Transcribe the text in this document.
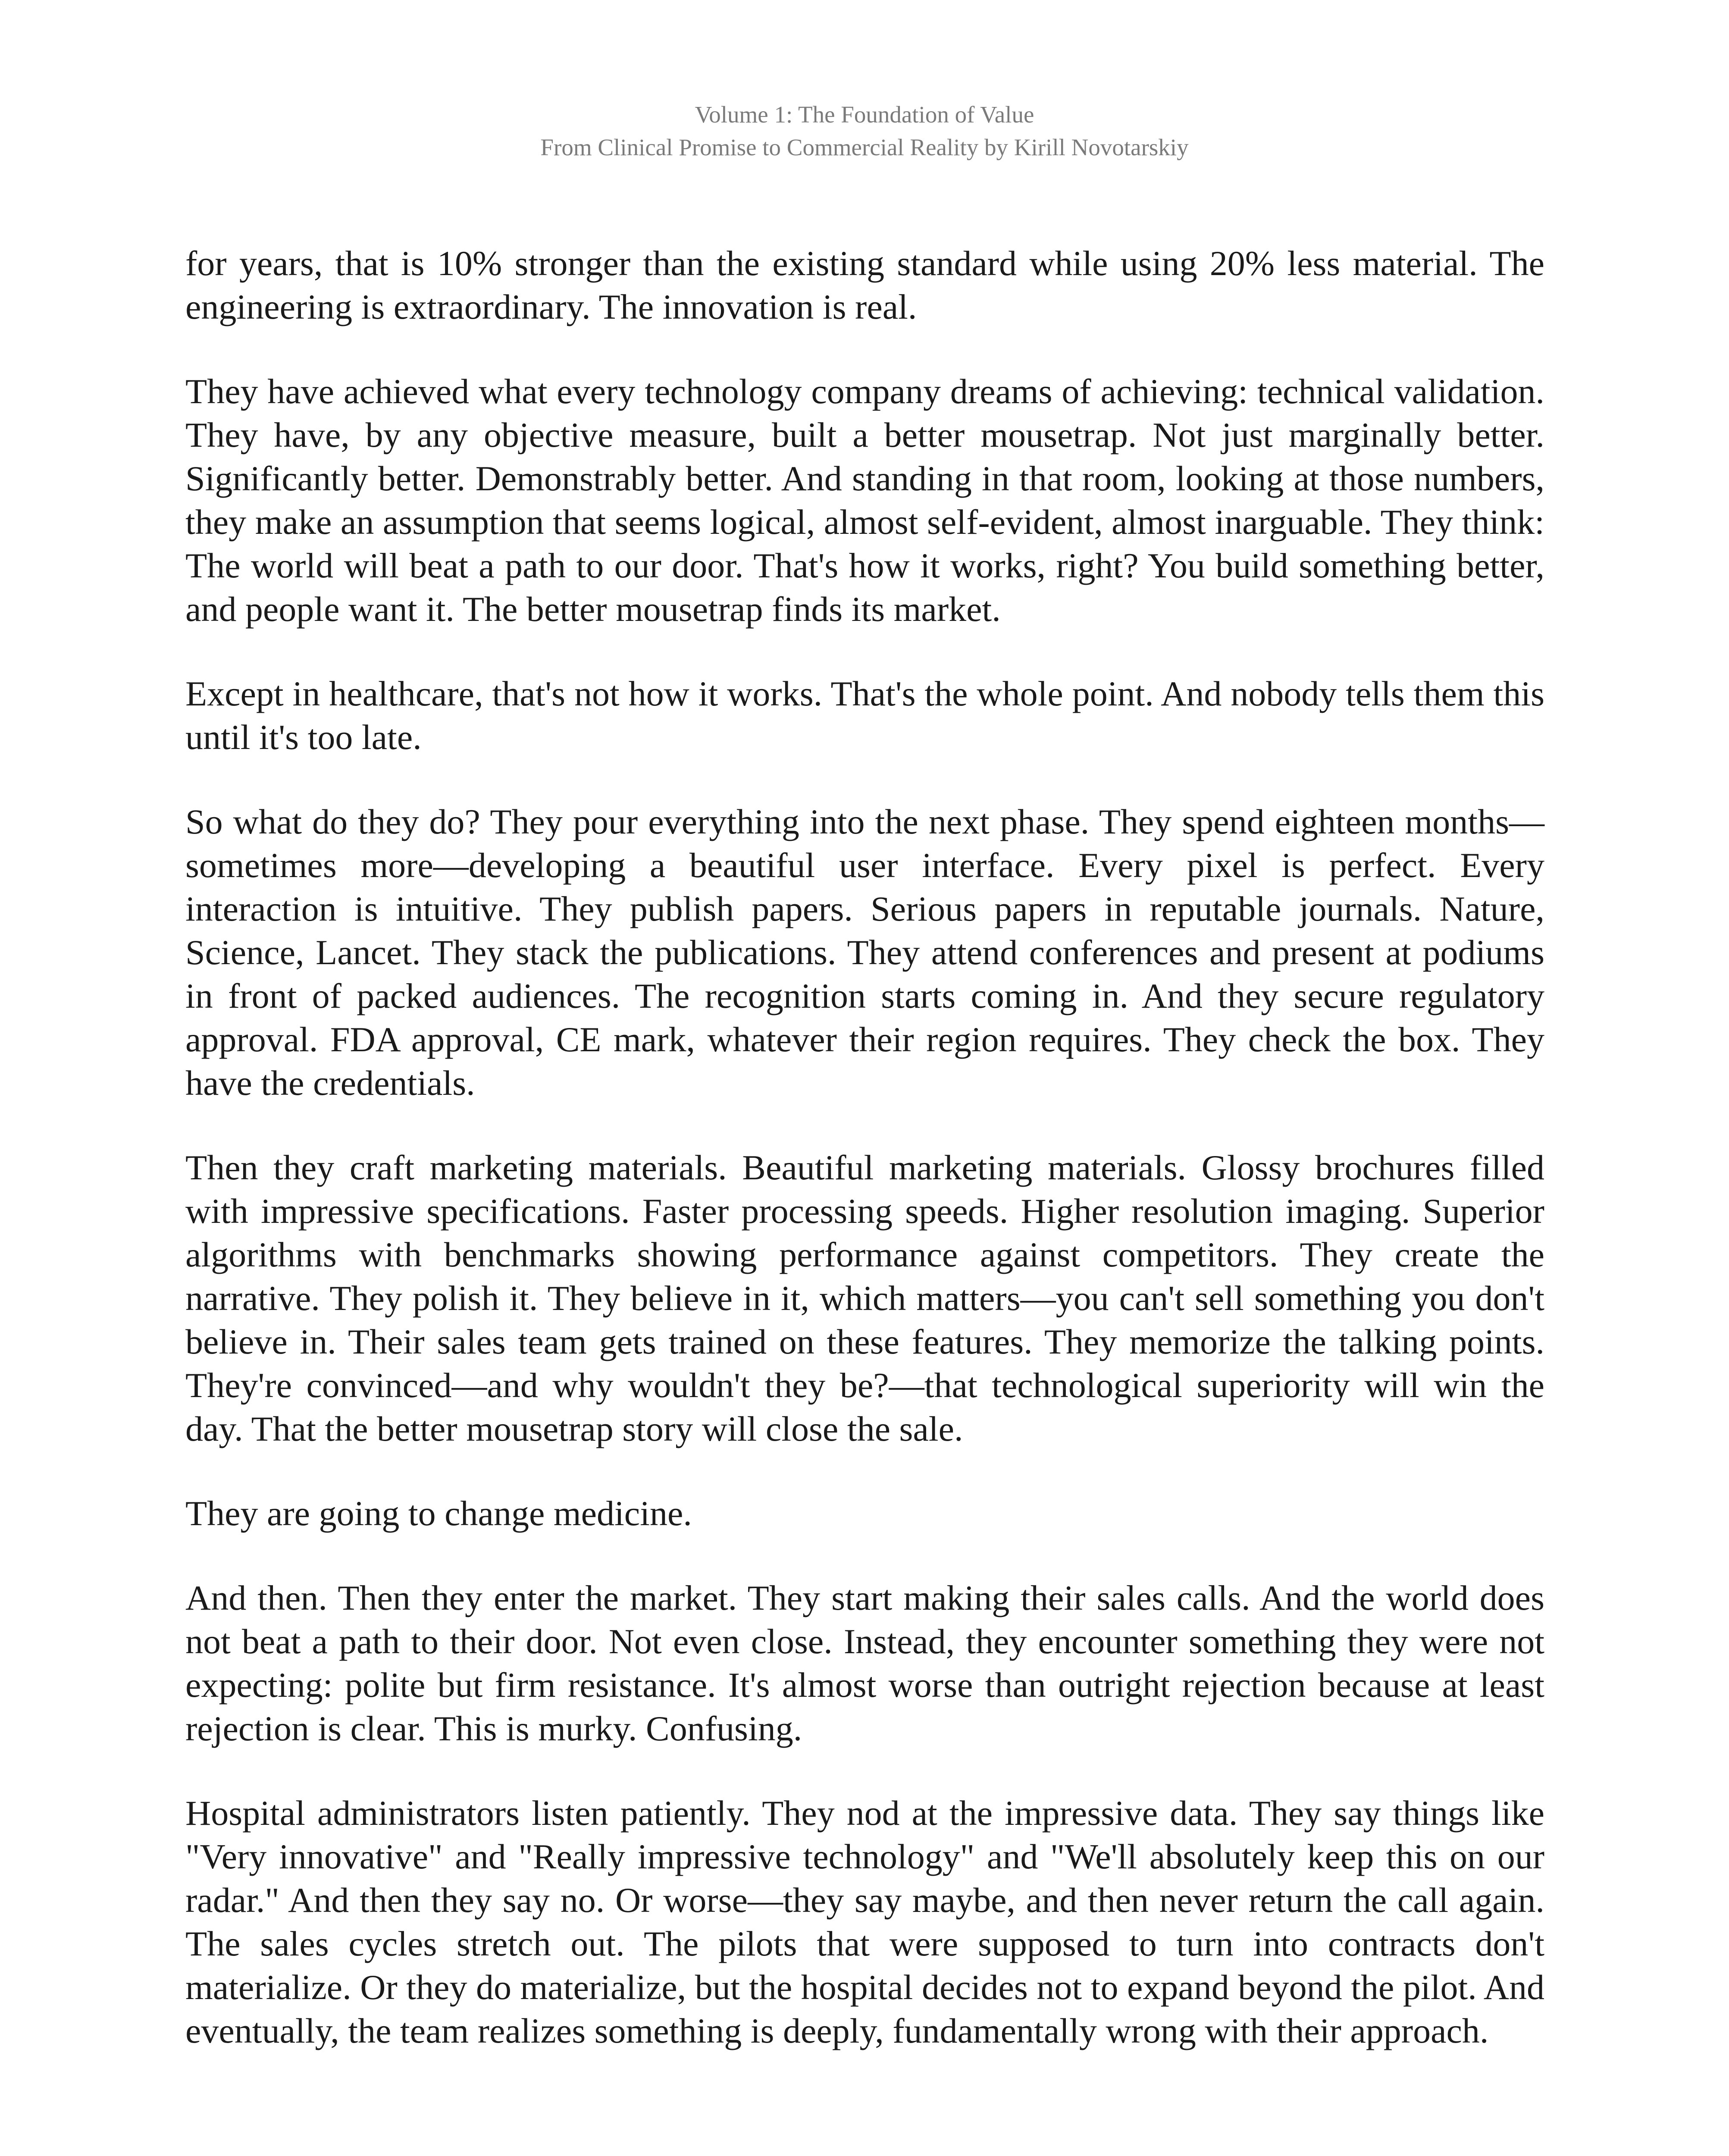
Volume 1: The Foundation of Value
From Clinical Promise to Commercial Reality by Kirill Novotarskiy

for years, that is 10% stronger than the existing standard while using 20% less material. The engineering is extraordinary. The innovation is real.

They have achieved what every technology company dreams of achieving: technical validation. They have, by any objective measure, built a better mousetrap. Not just marginally better. Significantly better. Demonstrably better. And standing in that room, looking at those numbers, they make an assumption that seems logical, almost self-evident, almost inarguable. They think: The world will beat a path to our door. That's how it works, right? You build something better, and people want it. The better mousetrap finds its market.

Except in healthcare, that's not how it works. That's the whole point. And nobody tells them this until it's too late.

So what do they do? They pour everything into the next phase. They spend eighteen months—sometimes more—developing a beautiful user interface. Every pixel is perfect. Every interaction is intuitive. They publish papers. Serious papers in reputable journals. Nature, Science, Lancet. They stack the publications. They attend conferences and present at podiums in front of packed audiences. The recognition starts coming in. And they secure regulatory approval. FDA approval, CE mark, whatever their region requires. They check the box. They have the credentials.

Then they craft marketing materials. Beautiful marketing materials. Glossy brochures filled with impressive specifications. Faster processing speeds. Higher resolution imaging. Superior algorithms with benchmarks showing performance against competitors. They create the narrative. They polish it. They believe in it, which matters—you can't sell something you don't believe in. Their sales team gets trained on these features. They memorize the talking points. They're convinced—and why wouldn't they be?—that technological superiority will win the day. That the better mousetrap story will close the sale.

They are going to change medicine.

And then. Then they enter the market. They start making their sales calls. And the world does not beat a path to their door. Not even close. Instead, they encounter something they were not expecting: polite but firm resistance. It's almost worse than outright rejection because at least rejection is clear. This is murky. Confusing.

Hospital administrators listen patiently. They nod at the impressive data. They say things like "Very innovative" and "Really impressive technology" and "We'll absolutely keep this on our radar." And then they say no. Or worse—they say maybe, and then never return the call again. The sales cycles stretch out. The pilots that were supposed to turn into contracts don't materialize. Or they do materialize, but the hospital decides not to expand beyond the pilot. And eventually, the team realizes something is deeply, fundamentally wrong with their approach.
